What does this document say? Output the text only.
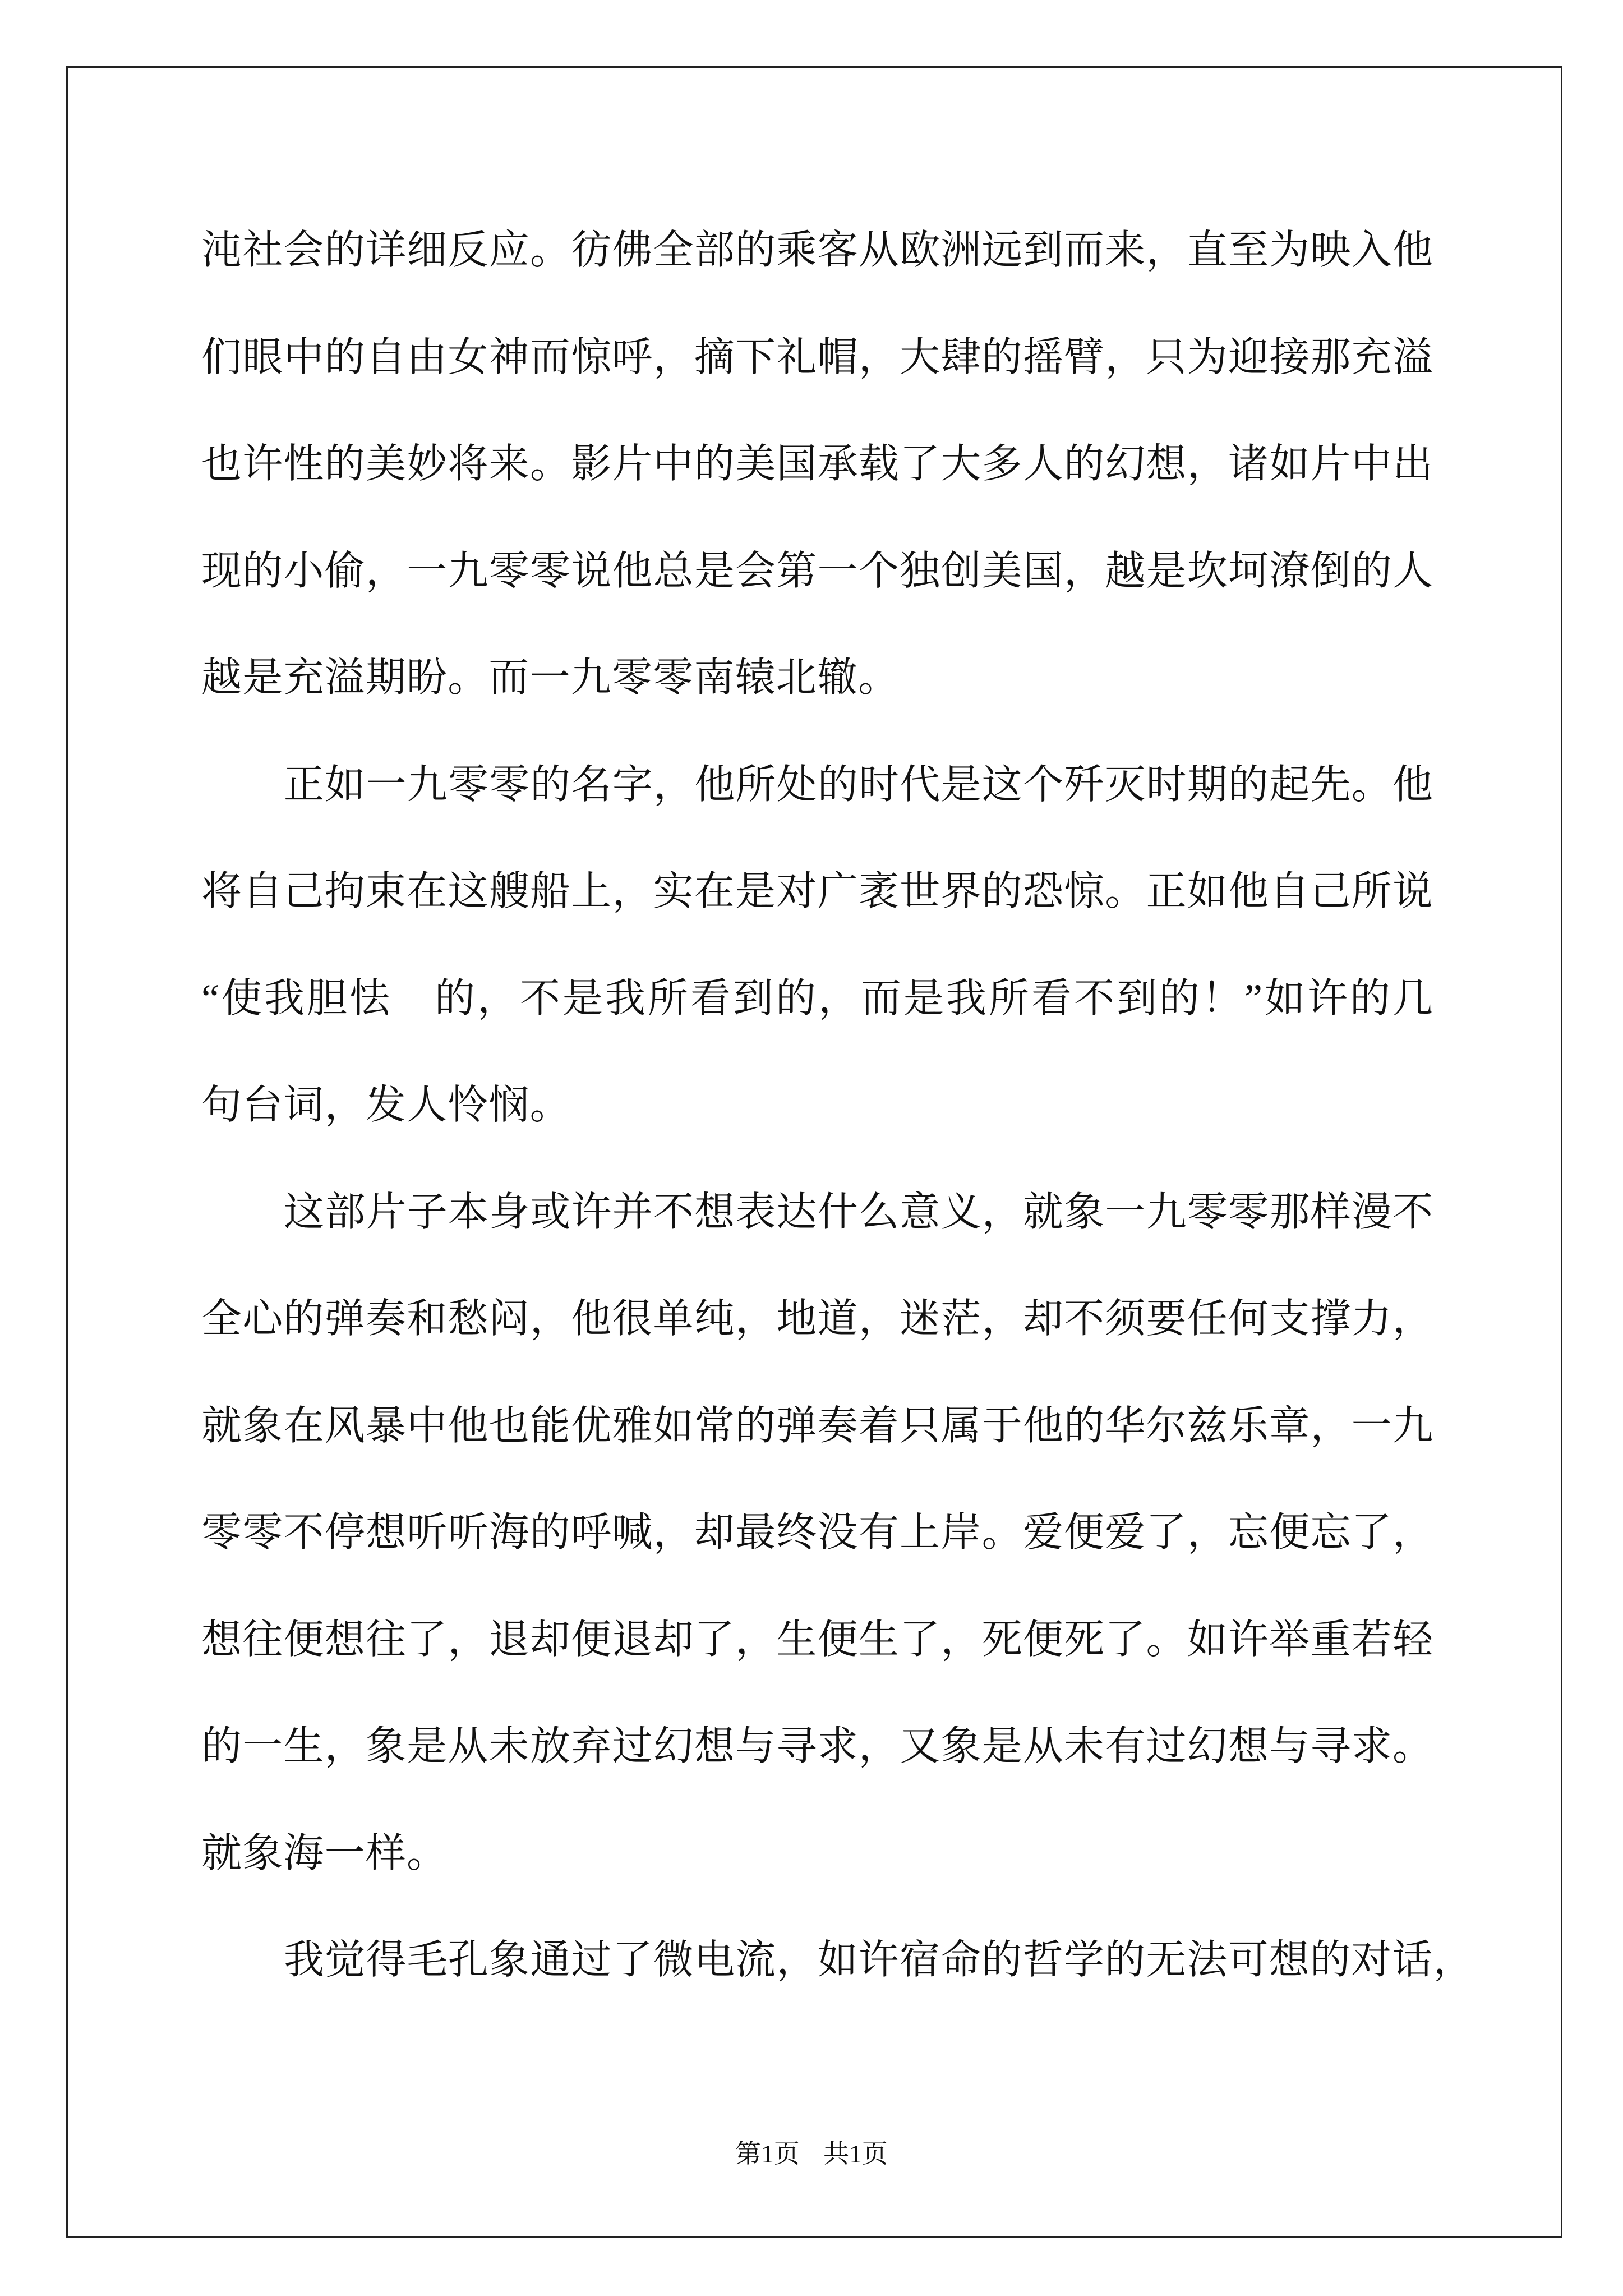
沌社会的详细反应。彷佛全部的乘客从欧洲远到而来，直至为映入他
们眼中的自由女神而惊呼，摘下礼帽，大肆的摇臂，只为迎接那充溢
也许性的美妙将来。影片中的美国承载了大多人的幻想，诸如片中出
现的小偷，一九零零说他总是会第一个独创美国，越是坎坷潦倒的人
越是充溢期盼。而一九零零南辕北辙。
正如一九零零的名字，他所处的时代是这个歼灭时期的起先。他
将自己拘束在这艘船上，实在是对广袤世界的恐惊。正如他自己所说
“使我胆怯　的，不是我所看到的，而是我所看不到的！”如许的几
句台词，发人怜悯。
这部片子本身或许并不想表达什么意义，就象一九零零那样漫不
全心的弹奏和愁闷，他很单纯，地道，迷茫，却不须要任何支撑力，
就象在风暴中他也能优雅如常的弹奏着只属于他的华尔兹乐章，一九
零零不停想听听海的呼喊，却最终没有上岸。爱便爱了，忘便忘了，
想往便想往了，退却便退却了，生便生了，死便死了。如许举重若轻
的一生，象是从未放弃过幻想与寻求，又象是从未有过幻想与寻求。
就象海一样。
我觉得毛孔象通过了微电流，如许宿命的哲学的无法可想的对话，
第1页 共1页
